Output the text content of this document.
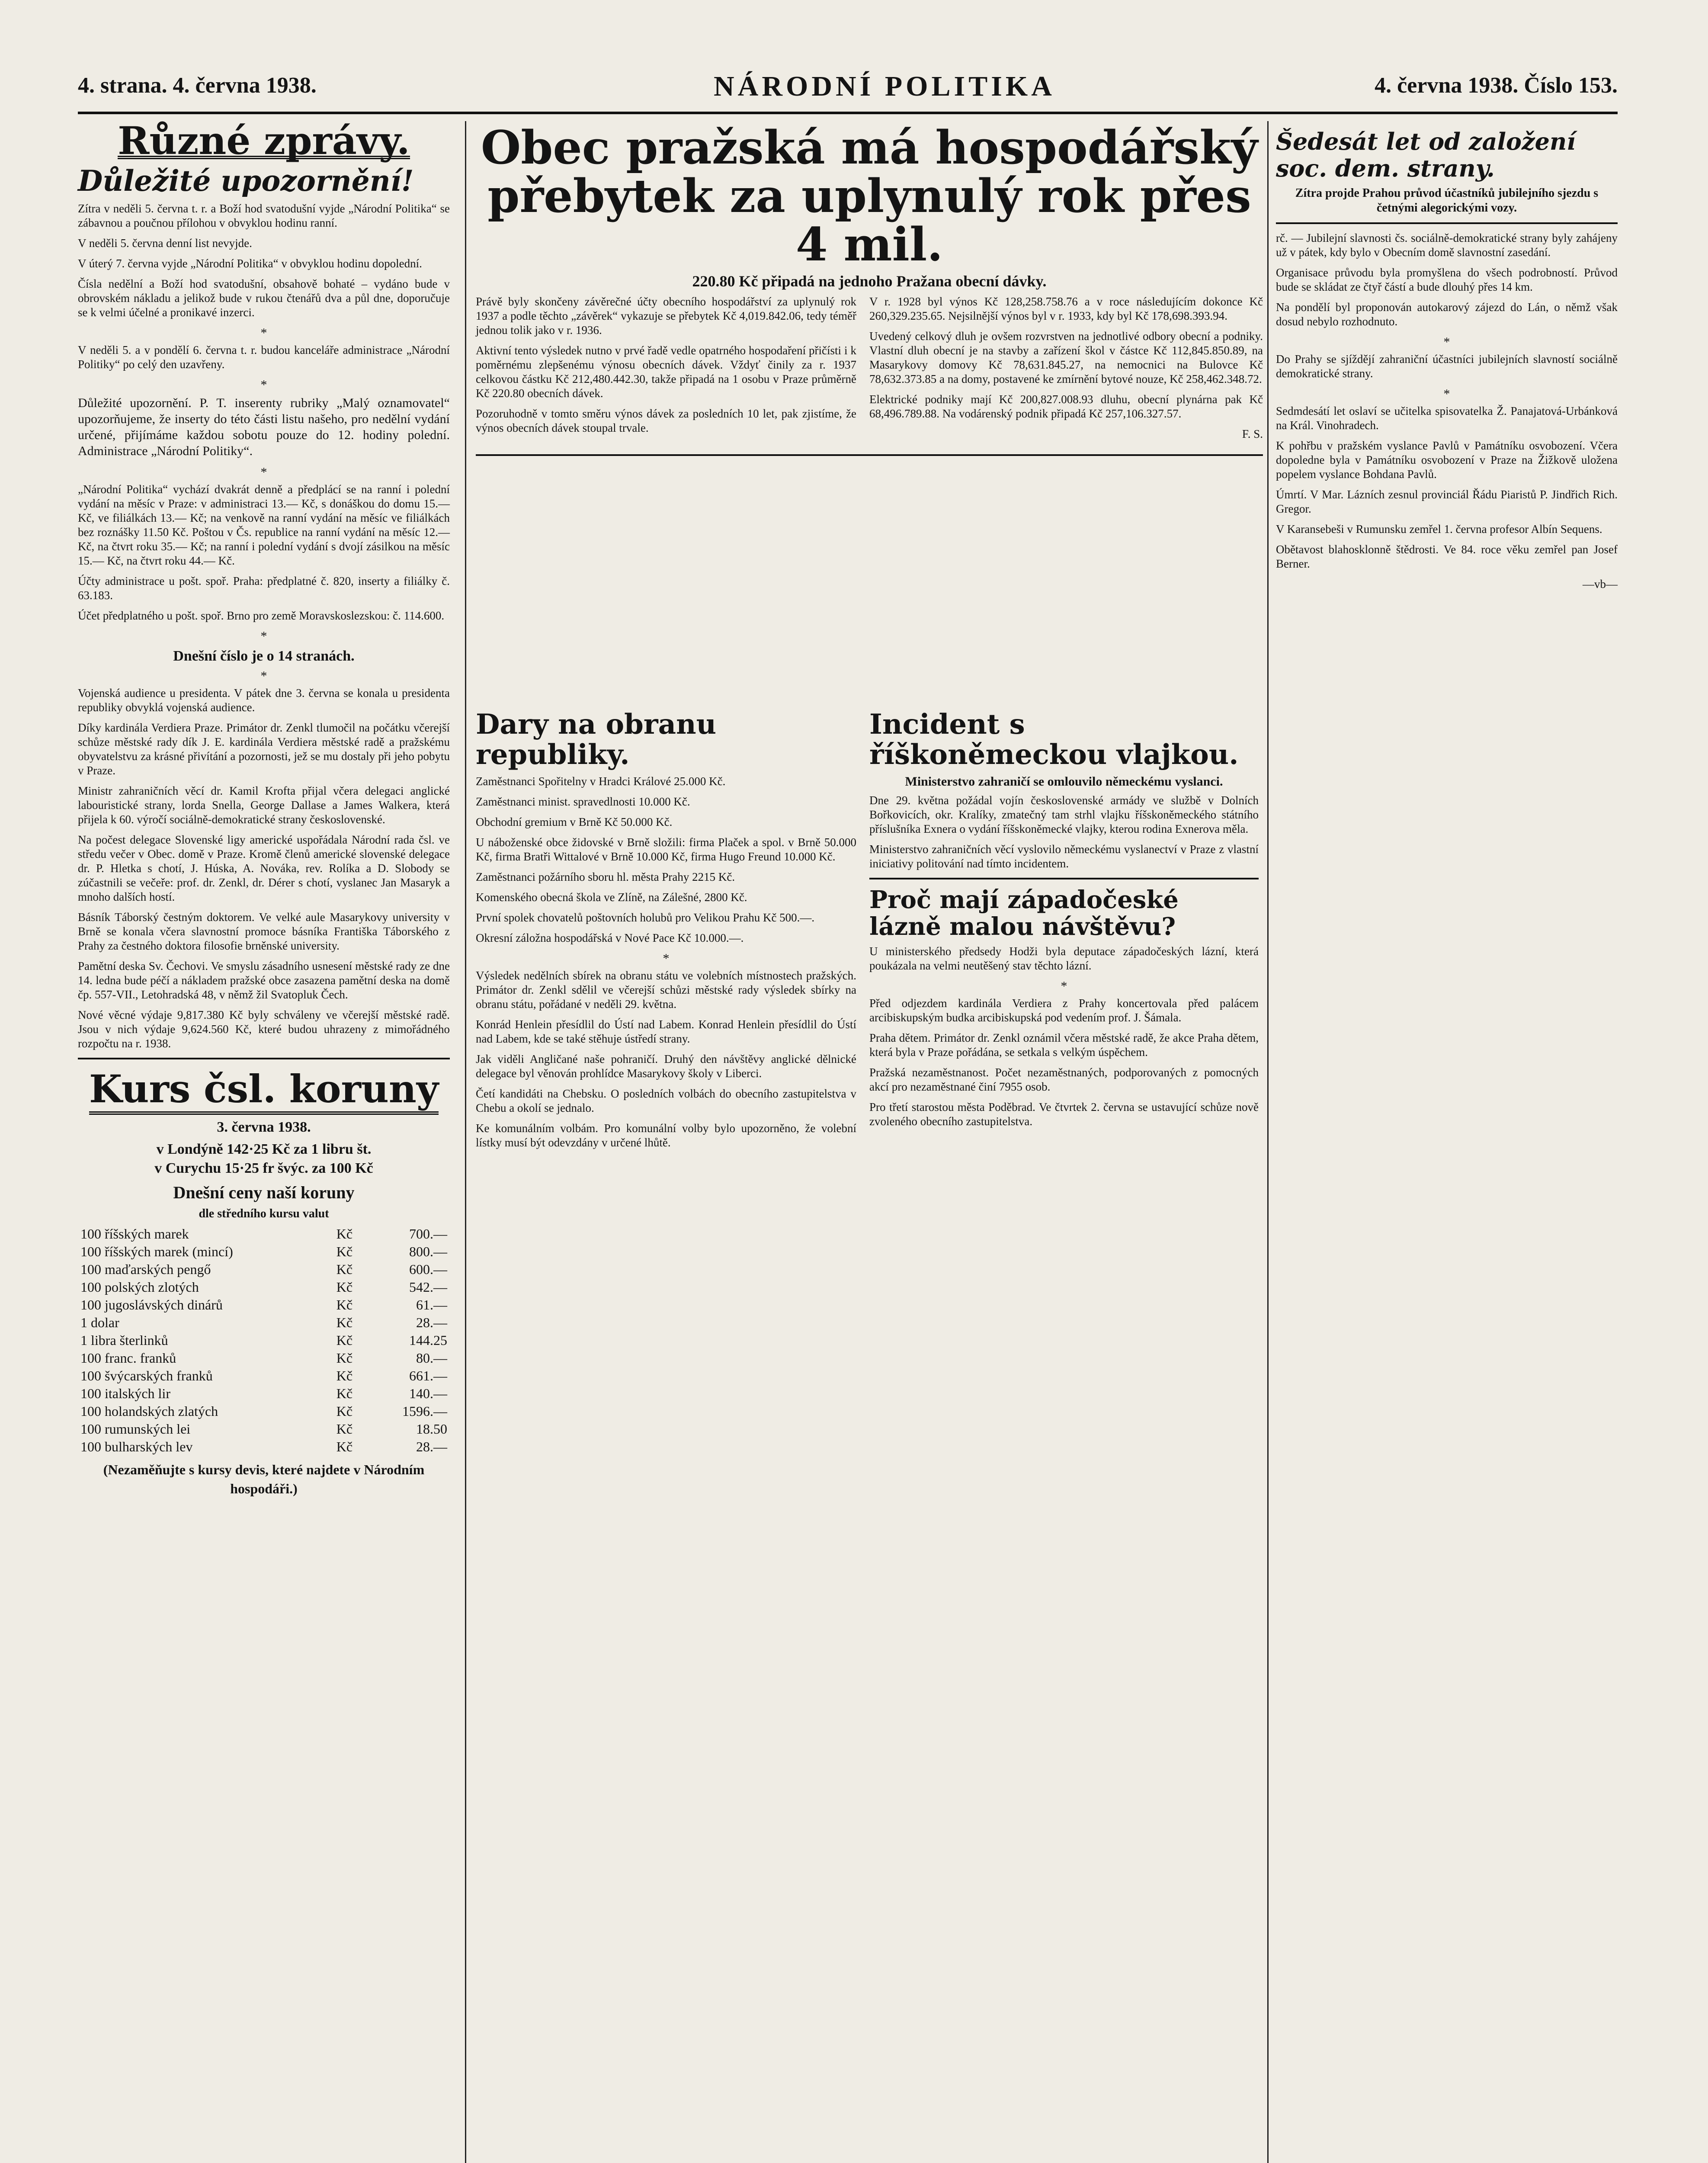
4. strana. 4. června 1938.	NÁRODNÍ POLITIKA	4. června 1938. Číslo 153.
Různé zprávy.
Důležité upozornění!

Zítra v neděli 5. června t. r. a Boží hod svatodušní vyjde „Národní Politika“ se zábavnou a poučnou přílohou v obvyklou hodinu ranní.

V neděli 5. června denní list nevyjde.

V úterý 7. června vyjde „Národní Politika“ v obvyklou hodinu dopolední.

Čísla nedělní a Boží hod svatodušní, obsahově bohaté – vydáno bude v obrovském nákladu a jelikož bude v rukou čtenářů dva a půl dne, doporučuje se k velmi účelné a pronikavé inzerci.

*

V neděli 5. a v pondělí 6. června t. r. budou kanceláře administrace „Národní Politiky“ po celý den uzavřeny.

*

Důležité upozornění. P. T. inserenty rubriky „Malý oznamovatel“ upozorňujeme, že inserty do této části listu našeho, pro nedělní vydání určené, přijímáme každou sobotu pouze do 12. hodiny polední. Administrace „Národní Politiky“.

*

„Národní Politika“ vychází dvakrát denně a předplácí se na ranní i polední vydání na měsíc v Praze: v administraci 13.— Kč, s donáškou do domu 15.— Kč, ve filiálkách 13.— Kč; na venkově na ranní vydání na měsíc ve filiálkách bez roznášky 11.50 Kč. Poštou v Čs. republice na ranní vydání na měsíc 12.— Kč, na čtvrt roku 35.— Kč; na ranní i polední vydání s dvojí zásilkou na měsíc 15.— Kč, na čtvrt roku 44.— Kč.

Účty administrace u pošt. spoř. Praha: předplatné č. 820, inserty a filiálky č. 63.183.

Účet předplatného u pošt. spoř. Brno pro země Moravskoslezskou: č. 114.600.

*
Dnešní číslo je o 14 stranách.
*

Vojenská audience u presidenta. V pátek dne 3. června se konala u presidenta republiky obvyklá vojenská audience.

Díky kardinála Verdiera Praze. Primátor dr. Zenkl tlumočil na počátku včerejší schůze městské rady dík J. E. kardinála Verdiera městské radě a pražskému obyvatelstvu za krásné přivítání a pozornosti, jež se mu dostaly při jeho pobytu v Praze.

Ministr zahraničních věcí dr. Kamil Krofta přijal včera delegaci anglické labouristické strany, lorda Snella, George Dallase a James Walkera, která přijela k 60. výročí sociálně-demokratické strany československé.

Na počest delegace Slovenské ligy americké uspořádala Národní rada čsl. ve středu večer v Obec. domě v Praze. Kromě členů americké slovenské delegace dr. P. Hletka s chotí, J. Húska, A. Nováka, rev. Rolíka a D. Slobody se zúčastnili se večeře: prof. dr. Zenkl, dr. Dérer s chotí, vyslanec Jan Masaryk a mnoho dalších hostí.

Básník Táborský čestným doktorem. Ve velké aule Masarykovy university v Brně se konala včera slavnostní promoce básníka Františka Táborského z Prahy za čestného doktora filosofie brněnské university.

Pamětní deska Sv. Čechovi. Ve smyslu zásadního usnesení městské rady ze dne 14. ledna bude péčí a nákladem pražské obce zasazena pamětní deska na domě čp. 557-VII., Letohradská 48, v němž žil Svatopluk Čech.

Nové věcné výdaje 9,817.380 Kč byly schváleny ve včerejší městské radě. Jsou v nich výdaje 9,624.560 Kč, které budou uhrazeny z mimořádného rozpočtu na r. 1938.

Kurs čsl. koruny
3. června 1938.
v Londýně 142·25 Kč za 1 libru št.
v Curychu 15·25 fr švýc. za 100 Kč
Dnešní ceny naší koruny
dle středního kursu valut
100 říšských marek	Kč	700.—
100 říšských marek (mincí)	Kč	800.—
100 maďarských pengő	Kč	600.—
100 polských zlotých	Kč	542.—
100 jugoslávských dinárů	Kč	61.—
1 dolar	Kč	28.—
1 libra šterlinků	Kč	144.25
100 franc. franků	Kč	80.—
100 švýcarských franků	Kč	661.—
100 italských lir	Kč	140.—
100 holandských zlatých	Kč	1596.—
100 rumunských lei	Kč	18.50
100 bulharských lev	Kč	28.—
(Nezaměňujte s kursy devis, které najdete v Národním hospodáři.)
Obec pražská má hospodářský
přebytek za uplynulý rok přes 4 mil.
220.80 Kč připadá na jednoho Pražana obecní dávky.

Právě byly skončeny závěrečné účty obecního hospodářství za uplynulý rok 1937 a podle těchto „závěrek“ vykazuje se přebytek Kč 4,019.842.06, tedy téměř jednou tolik jako v r. 1936.

Aktivní tento výsledek nutno v prvé řadě vedle opatrného hospodaření přičísti i k poměrnému zlepšenému výnosu obecních dávek. Vždyť činily za r. 1937 celkovou částku Kč 212,480.442.30, takže připadá na 1 osobu v Praze průměrně Kč 220.80 obecních dávek.

Pozoruhodně v tomto směru výnos dávek za posledních 10 let, pak zjistíme, že výnos obecních dávek stoupal trvale.

V r. 1928 byl výnos Kč 128,258.758.76 a v roce následujícím dokonce Kč 260,329.235.65. Nejsilnější výnos byl v r. 1933, kdy byl Kč 178,698.393.94.

Uvedený celkový dluh je ovšem rozvrstven na jednotlivé odbory obecní a podniky. Vlastní dluh obecní je na stavby a zařízení škol v částce Kč 112,845.850.89, na Masarykovy domovy Kč 78,631.845.27, na nemocnici na Bulovce Kč 78,632.373.85 a na domy, postavené ke zmírnění bytové nouze, Kč 258,462.348.72.

Elektrické podniky mají Kč 200,827.008.93 dluhu, obecní plynárna pak Kč 68,496.789.88. Na vodárenský podnik připadá Kč 257,106.327.57.

F. S.

Dary na obranu republiky.

Zaměstnanci Spořitelny v Hradci Králové 25.000 Kč.

Zaměstnanci minist. spravedlnosti 10.000 Kč.

Obchodní gremium v Brně Kč 50.000 Kč.

U náboženské obce židovské v Brně složili: firma Plaček a spol. v Brně 50.000 Kč, firma Bratři Wittalové v Brně 10.000 Kč, firma Hugo Freund 10.000 Kč.

Zaměstnanci požárního sboru hl. města Prahy 2215 Kč.

Komenského obecná škola ve Zlíně, na Zálešné, 2800 Kč.

První spolek chovatelů poštovních holubů pro Velikou Prahu Kč 500.—.

Okresní záložna hospodářská v Nové Pace Kč 10.000.—.

*

Výsledek nedělních sbírek na obranu státu ve volebních místnostech pražských. Primátor dr. Zenkl sdělil ve včerejší schůzi městské rady výsledek sbírky na obranu státu, pořádané v neděli 29. května.

Konrád Henlein přesídlil do Ústí nad Labem. Konrad Henlein přesídlil do Ústí nad Labem, kde se také stěhuje ústředí strany.

Jak viděli Angličané naše pohraničí. Druhý den návštěvy anglické dělnické delegace byl věnován prohlídce Masarykovy školy v Liberci.

Četí kandidáti na Chebsku. O posledních volbách do obecního zastupitelstva v Chebu a okolí se jednalo.

Ke komunálním volbám. Pro komunální volby bylo upozorněno, že volební lístky musí být odevzdány v určené lhůtě.

Incident s říškoněmeckou vlajkou.
Ministerstvo zahraničí se omlouvilo německému vyslanci.

Dne 29. května požádal vojín československé armády ve službě v Dolních Bořkovicích, okr. Kralíky, zmatečný tam strhl vlajku říšskoněmeckého státního příslušníka Exnera o vydání říšskoněmecké vlajky, kterou rodina Exnerova měla.

Ministerstvo zahraničních věcí vyslovilo německému vyslanectví v Praze z vlastní iniciativy politování nad tímto incidentem.

Proč mají západočeské lázně malou návštěvu?

U ministerského předsedy Hodži byla deputace západočeských lázní, která poukázala na velmi neutěšený stav těchto lázní.

*

Před odjezdem kardinála Verdiera z Prahy koncertovala před palácem arcibiskupským budka arcibiskupská pod vedením prof. J. Šámala.

Praha dětem. Primátor dr. Zenkl oznámil včera městské radě, že akce Praha dětem, která byla v Praze pořádána, se setkala s velkým úspěchem.

Pražská nezaměstnanost. Počet nezaměstnaných, podporovaných z pomocných akcí pro nezaměstnané činí 7955 osob.

Pro třetí starostou města Poděbrad. Ve čtvrtek 2. června se ustavující schůze nově zvoleného obecního zastupitelstva.

Šedesát let od založení soc. dem. strany.
Zítra projde Prahou průvod účastníků jubilejního sjezdu s četnými alegorickými vozy.

rč. — Jubilejní slavnosti čs. sociálně-demokratické strany byly zahájeny už v pátek, kdy bylo v Obecním domě slavnostní zasedání.

Organisace průvodu byla promyšlena do všech podrobností. Průvod bude se skládat ze čtyř částí a bude dlouhý přes 14 km.

Na pondělí byl proponován autokarový zájezd do Lán, o němž však dosud nebylo rozhodnuto.

*

Do Prahy se sjíždějí zahraniční účastníci jubilejních slavností sociálně demokratické strany.

*

Sedmdesátí let oslaví se učitelka spisovatelka Ž. Panajatová-Urbánková na Král. Vinohradech.

K pohřbu v pražském vyslance Pavlů v Památníku osvobození. Včera dopoledne byla v Památníku osvobození v Praze na Žižkově uložena popelem vyslance Bohdana Pavlů.

Úmrtí. V Mar. Lázních zesnul provinciál Řádu Piaristů P. Jindřich Rich. Gregor.

V Karansebeši v Rumunsku zemřel 1. června profesor Albín Sequens.

Obětavost blahosklonně štědrosti. Ve 84. roce věku zemřel pan Josef Berner.

—vb—
